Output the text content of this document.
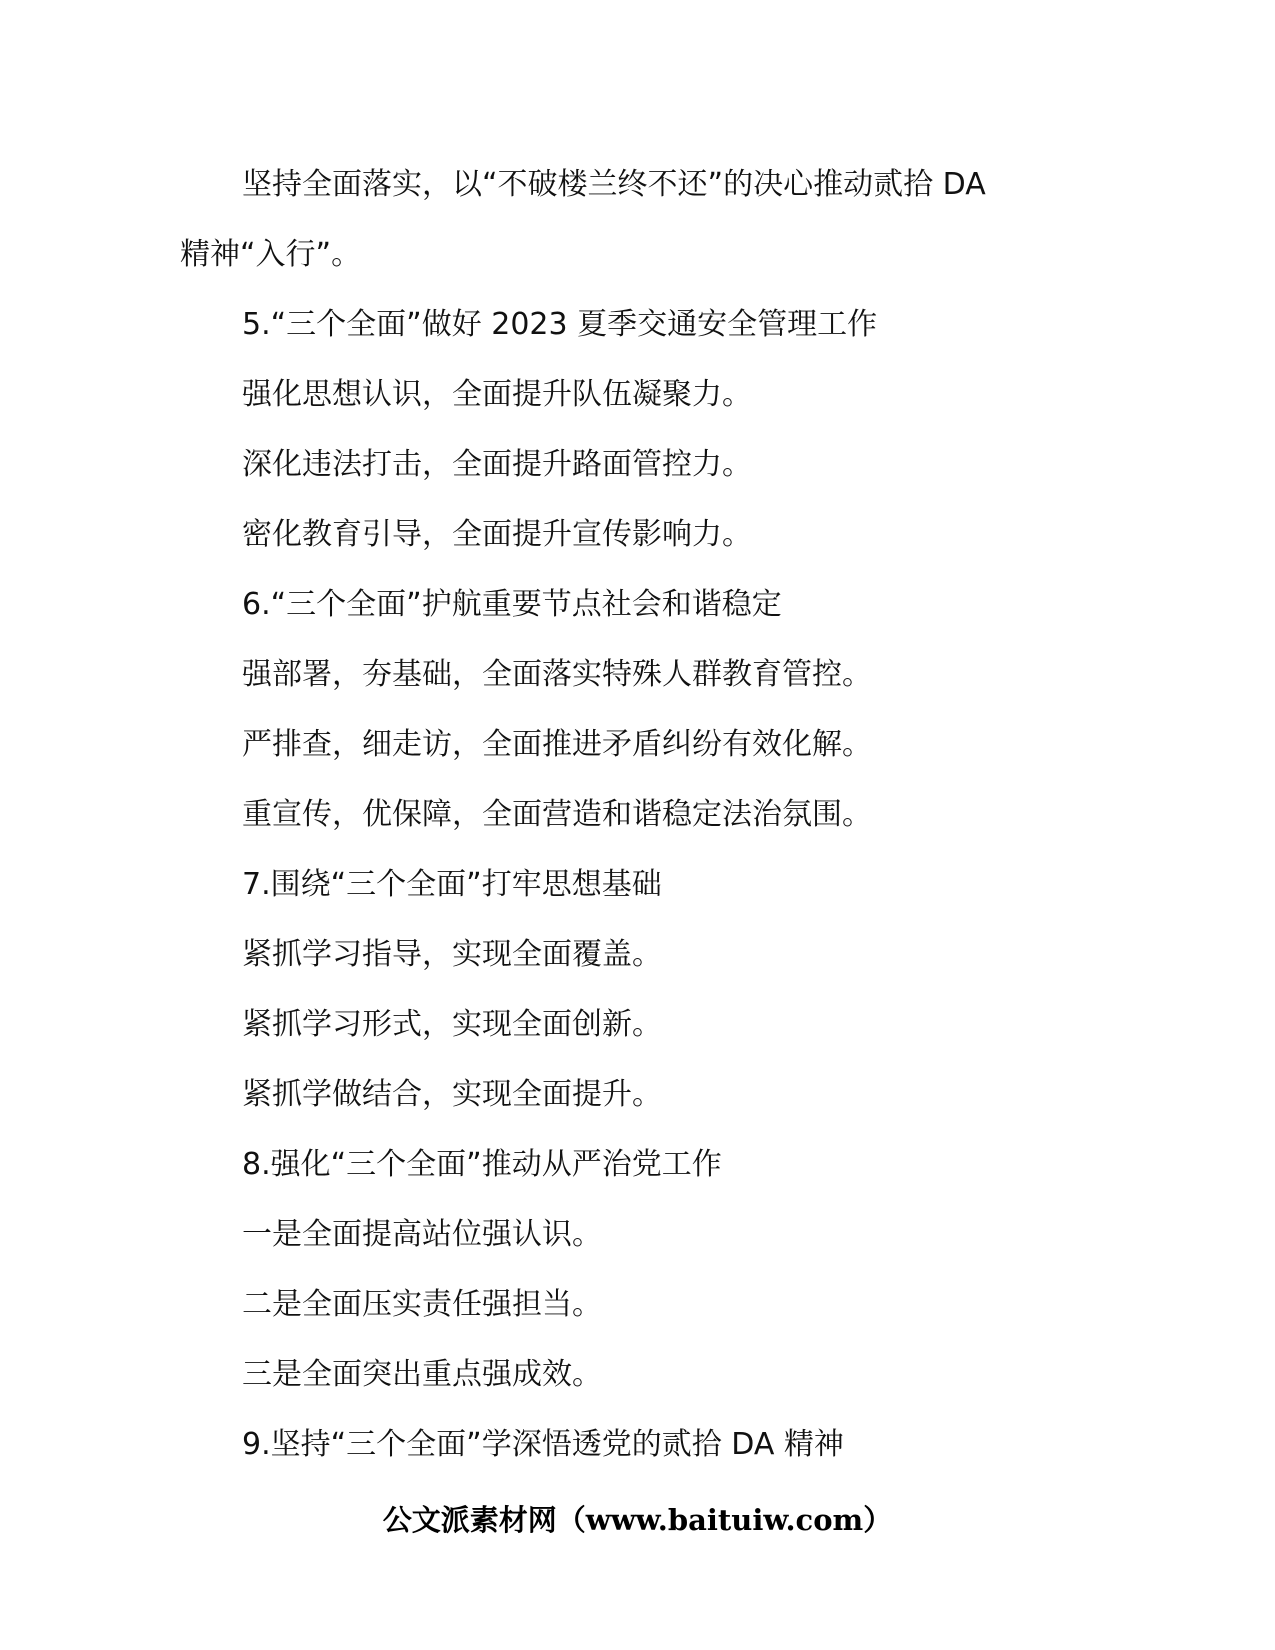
坚持全面落实，以“不破楼兰终不还”的决心推动贰拾 DA

精神“入行”。

5.“三个全面”做好 2023 夏季交通安全管理工作

强化思想认识，全面提升队伍凝聚力。

深化违法打击，全面提升路面管控力。

密化教育引导，全面提升宣传影响力。

6.“三个全面”护航重要节点社会和谐稳定

强部署，夯基础，全面落实特殊人群教育管控。

严排查，细走访，全面推进矛盾纠纷有效化解。

重宣传，优保障，全面营造和谐稳定法治氛围。

7.围绕“三个全面”打牢思想基础

紧抓学习指导，实现全面覆盖。

紧抓学习形式，实现全面创新。

紧抓学做结合，实现全面提升。

8.强化“三个全面”推动从严治党工作

一是全面提高站位强认识。

二是全面压实责任强担当。

三是全面突出重点强成效。

9.坚持“三个全面”学深悟透党的贰拾 DA 精神

公文派素材网（www.baituiw.com）
